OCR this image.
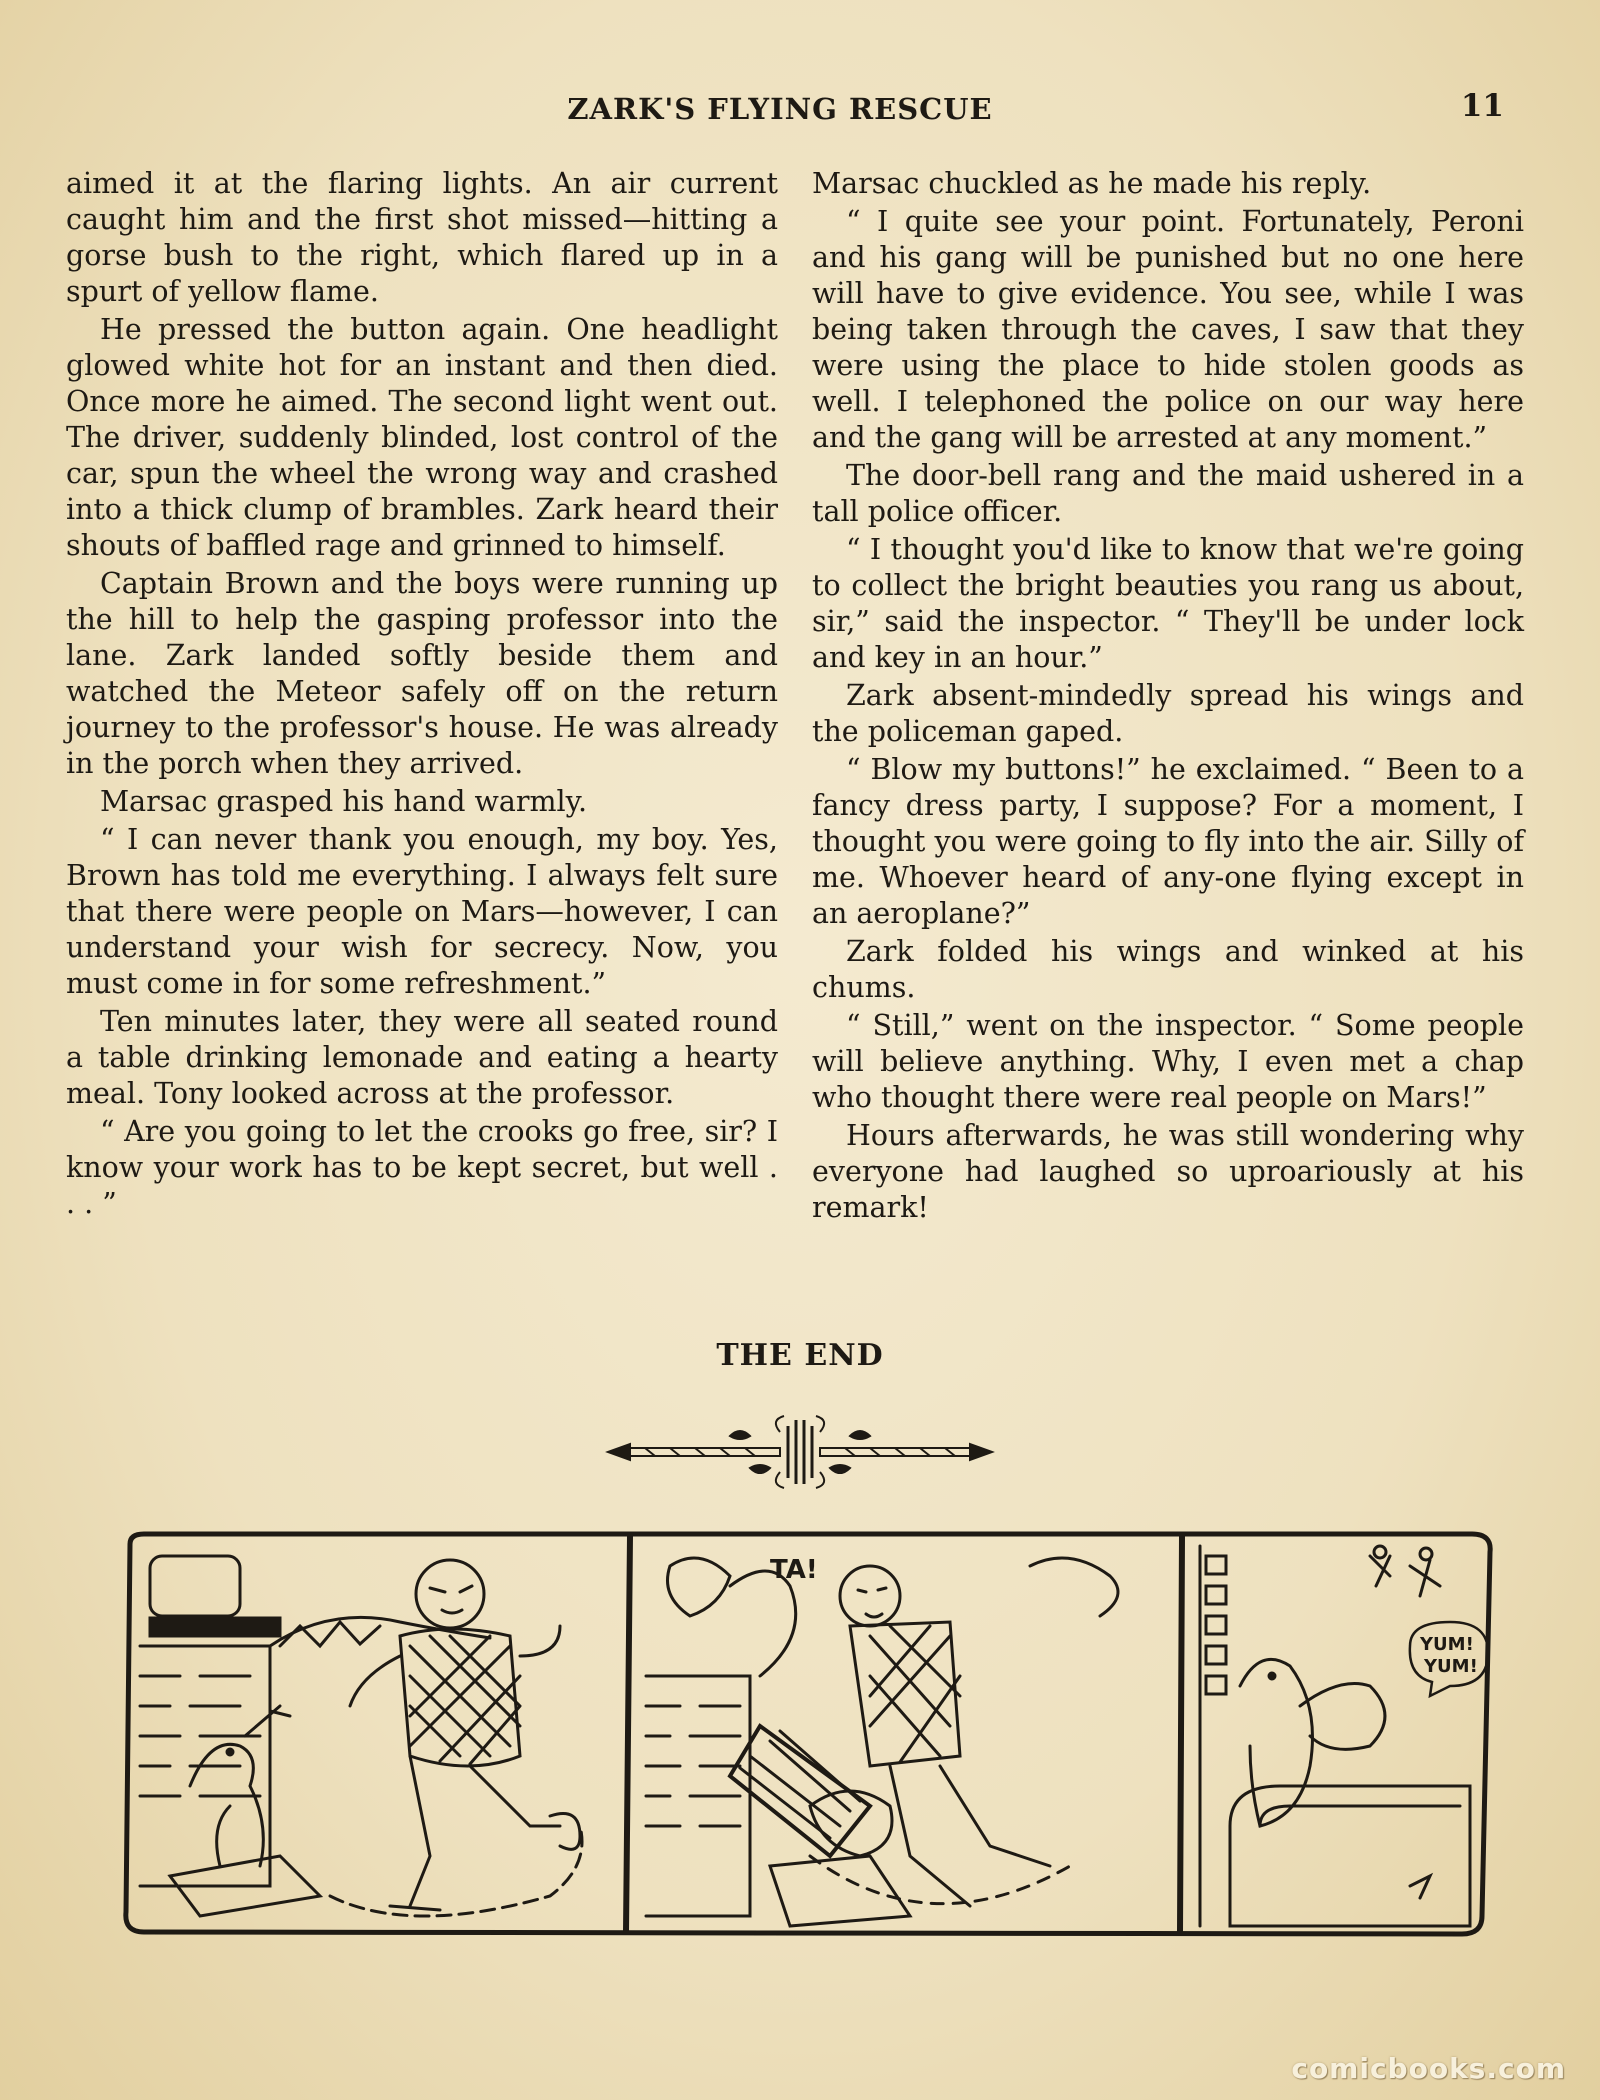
ZARK'S FLYING RESCUE	11

aimed it at the flaring lights. An air current caught him and the first shot missed—hitting a gorse bush to the right, which flared up in a spurt of yellow flame.

He pressed the button again. One headlight glowed white hot for an instant and then died. Once more he aimed. The second light went out. The driver, suddenly blinded, lost control of the car, spun the wheel the wrong way and crashed into a thick clump of brambles. Zark heard their shouts of baffled rage and grinned to himself.

Captain Brown and the boys were running up the hill to help the gasping professor into the lane. Zark landed softly beside them and watched the Meteor safely off on the return journey to the professor's house. He was already in the porch when they arrived.

Marsac grasped his hand warmly.

“ I can never thank you enough, my boy. Yes, Brown has told me everything. I always felt sure that there were people on Mars—however, I can understand your wish for secrecy. Now, you must come in for some refreshment.”

Ten minutes later, they were all seated round a table drinking lemonade and eating a hearty meal. Tony looked across at the professor.

“ Are you going to let the crooks go free, sir? I know your work has to be kept secret, but well . . . ”

Marsac chuckled as he made his reply.

“ I quite see your point. Fortunately, Peroni and his gang will be punished but no one here will have to give evidence. You see, while I was being taken through the caves, I saw that they were using the place to hide stolen goods as well. I telephoned the police on our way here and the gang will be arrested at any moment.”

The door-bell rang and the maid ushered in a tall police officer.

“ I thought you'd like to know that we're going to collect the bright beauties you rang us about, sir,” said the inspector. “ They'll be under lock and key in an hour.”

Zark absent-mindedly spread his wings and the policeman gaped.

“ Blow my buttons!” he exclaimed. “ Been to a fancy dress party, I suppose? For a moment, I thought you were going to fly into the air. Silly of me. Whoever heard of any-one flying except in an aeroplane?”

Zark folded his wings and winked at his chums.

“ Still,” went on the inspector. “ Some people will believe anything. Why, I even met a chap who thought there were real people on Mars!”

Hours afterwards, he was still wondering why everyone had laughed so uproariously at his remark!

THE END
TA!
YUM!
YUM!
comicbooks.com
